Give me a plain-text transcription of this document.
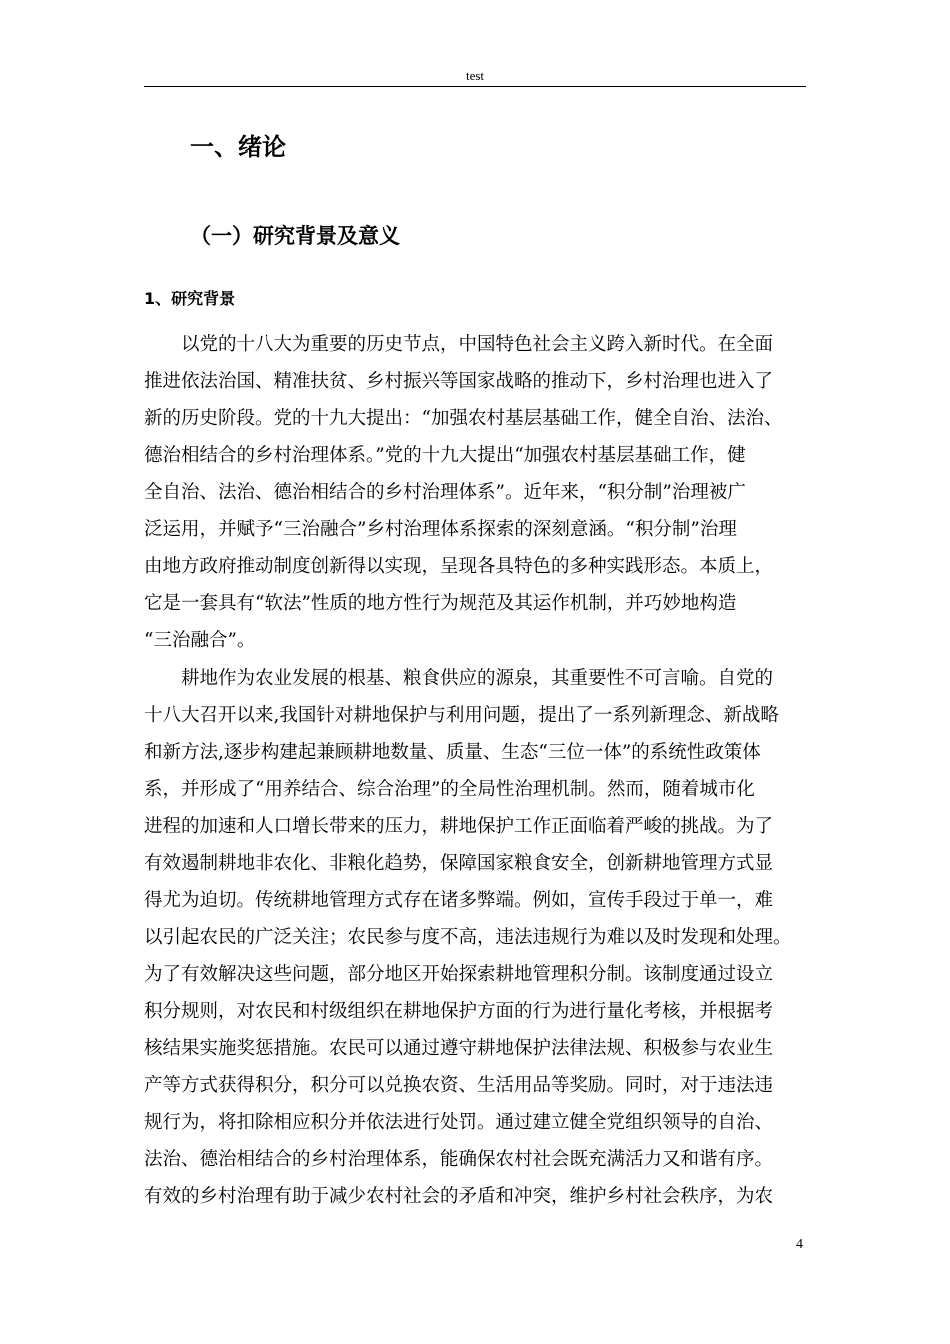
test
一、绪论
（一）研究背景及意义
1、研究背景
　　以党的十八大为重要的历史节点，中国特色社会主义跨入新时代。在全面
推进依法治国、精准扶贫、乡村振兴等国家战略的推动下，乡村治理也进入了
新的历史阶段。党的十九大提出：“加强农村基层基础工作，健全自治、法治、
德治相结合的乡村治理体系。”党的十九大提出“加强农村基层基础工作，健
全自治、法治、德治相结合的乡村治理体系”。近年来，“积分制”治理被广
泛运用，并赋予“三治融合”乡村治理体系探索的深刻意涵。“积分制”治理
由地方政府推动制度创新得以实现，呈现各具特色的多种实践形态。本质上，
它是一套具有“软法”性质的地方性行为规范及其运作机制，并巧妙地构造
“三治融合”。
　　耕地作为农业发展的根基、粮食供应的源泉，其重要性不可言喻。自党的
十八大召开以来,我国针对耕地保护与利用问题，提出了一系列新理念、新战略
和新方法,逐步构建起兼顾耕地数量、质量、生态“三位一体”的系统性政策体
系，并形成了“用养结合、综合治理”的全局性治理机制。然而，随着城市化
进程的加速和人口增长带来的压力，耕地保护工作正面临着严峻的挑战。为了
有效遏制耕地非农化、非粮化趋势，保障国家粮食安全，创新耕地管理方式显
得尤为迫切。传统耕地管理方式存在诸多弊端。例如，宣传手段过于单一，难
以引起农民的广泛关注；农民参与度不高，违法违规行为难以及时发现和处理。
为了有效解决这些问题，部分地区开始探索耕地管理积分制。该制度通过设立
积分规则，对农民和村级组织在耕地保护方面的行为进行量化考核，并根据考
核结果实施奖惩措施。农民可以通过遵守耕地保护法律法规、积极参与农业生
产等方式获得积分，积分可以兑换农资、生活用品等奖励。同时，对于违法违
规行为，将扣除相应积分并依法进行处罚。通过建立健全党组织领导的自治、
法治、德治相结合的乡村治理体系，能确保农村社会既充满活力又和谐有序。
有效的乡村治理有助于减少农村社会的矛盾和冲突，维护乡村社会秩序，为农
4
